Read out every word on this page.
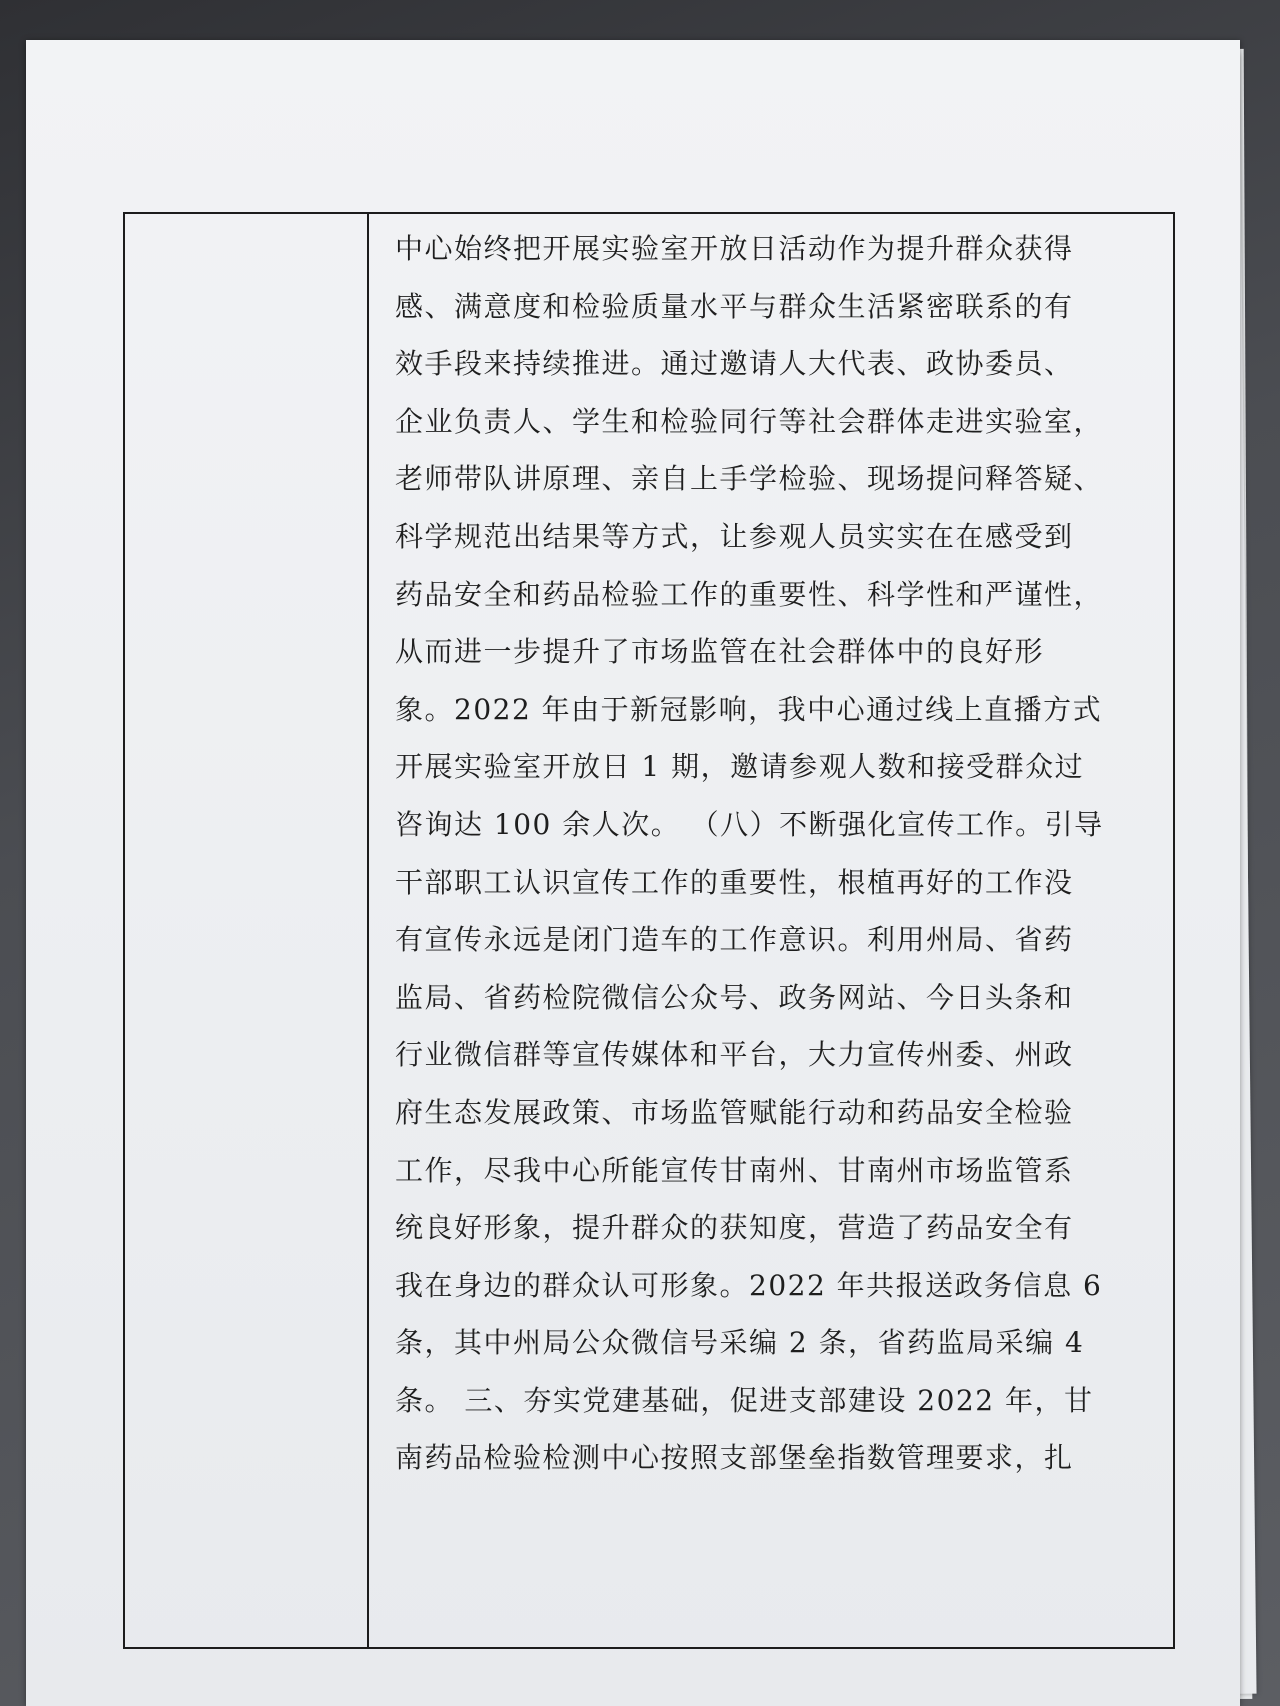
中心始终把开展实验室开放日活动作为提升群众获得
感、满意度和检验质量水平与群众生活紧密联系的有
效手段来持续推进。通过邀请人大代表、政协委员、
企业负责人、学生和检验同行等社会群体走进实验室，
老师带队讲原理、亲自上手学检验、现场提问释答疑、
科学规范出结果等方式，让参观人员实实在在感受到
药品安全和药品检验工作的重要性、科学性和严谨性，
从而进一步提升了市场监管在社会群体中的良好形
象。2022 年由于新冠影响，我中心通过线上直播方式
开展实验室开放日 1 期，邀请参观人数和接受群众过
咨询达 100 余人次。 （八）不断强化宣传工作。引导
干部职工认识宣传工作的重要性，根植再好的工作没
有宣传永远是闭门造车的工作意识。利用州局、省药
监局、省药检院微信公众号、政务网站、今日头条和
行业微信群等宣传媒体和平台，大力宣传州委、州政
府生态发展政策、市场监管赋能行动和药品安全检验
工作，尽我中心所能宣传甘南州、甘南州市场监管系
统良好形象，提升群众的获知度，营造了药品安全有
我在身边的群众认可形象。2022 年共报送政务信息 6
条，其中州局公众微信号采编 2 条，省药监局采编 4
条。 三、夯实党建基础，促进支部建设 2022 年，甘
南药品检验检测中心按照支部堡垒指数管理要求，扎
